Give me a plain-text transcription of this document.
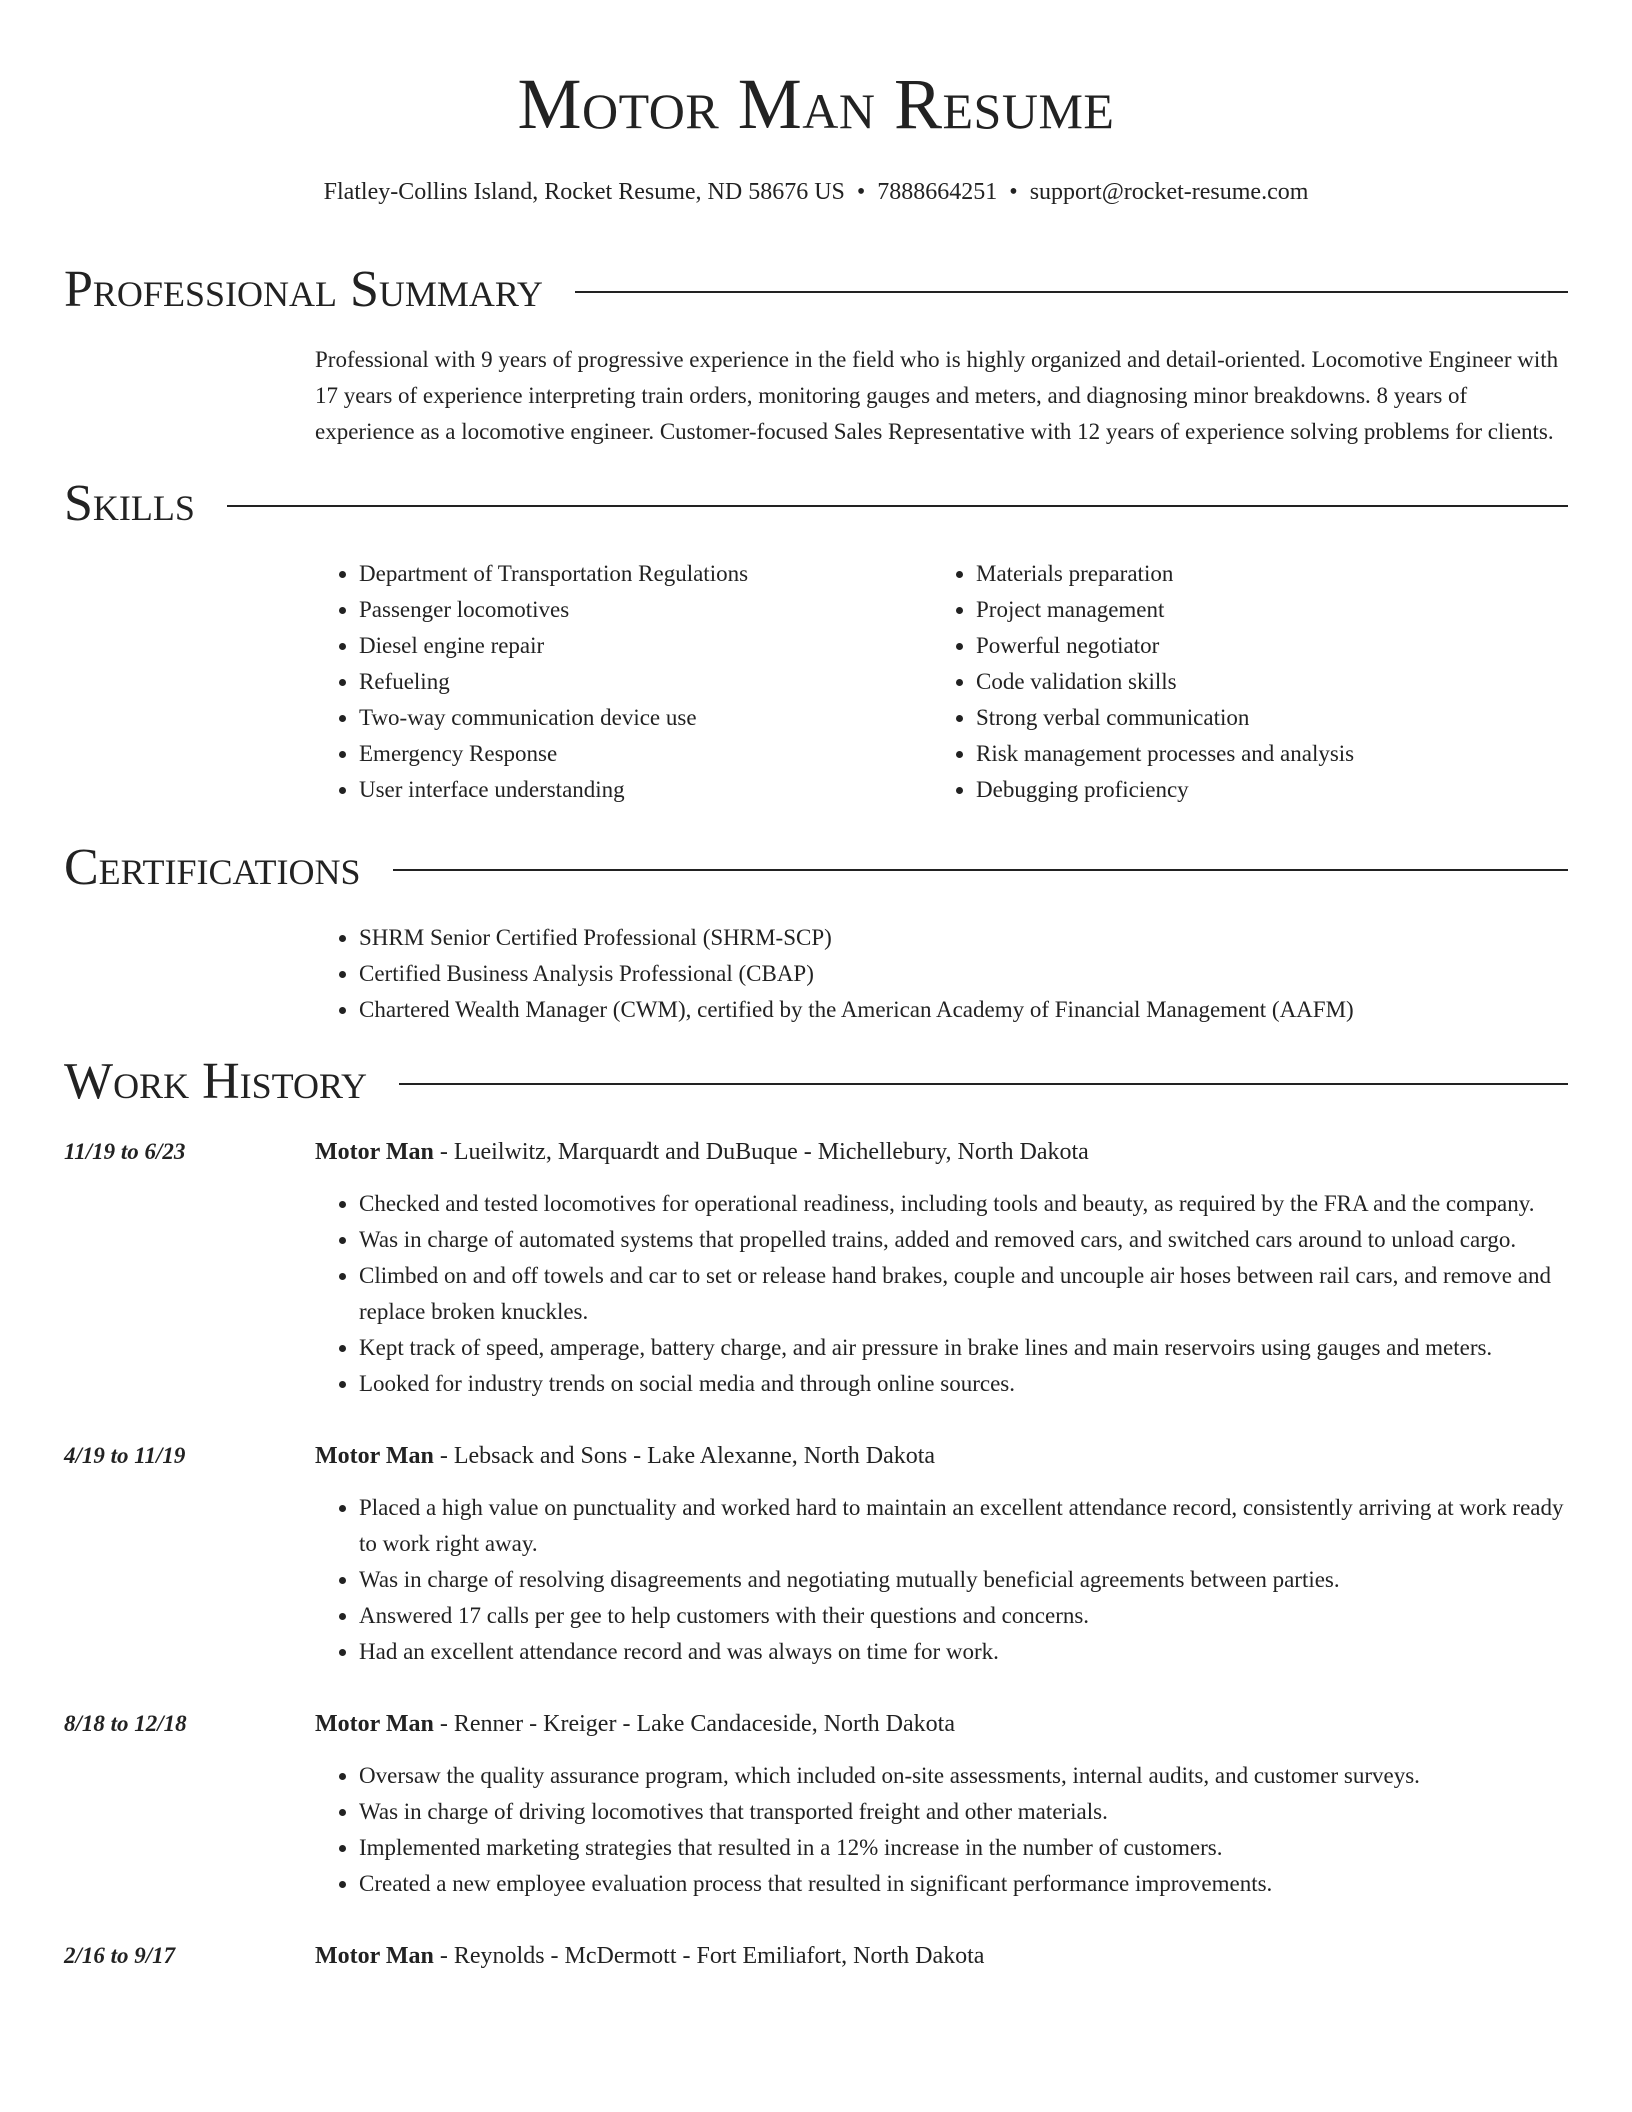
Motor Man Resume
Flatley-Collins Island, Rocket Resume, ND 58676 US • 7888664251 • support@rocket-resume.com
Professional Summary
Professional with 9 years of progressive experience in the field who is highly organized and detail-oriented. Locomotive Engineer with 17 years of experience interpreting train orders, monitoring gauges and meters, and diagnosing minor breakdowns. 8 years of experience as a locomotive engineer. Customer-focused Sales Representative with 12 years of experience solving problems for clients.
Skills
• Department of Transportation Regulations
• Passenger locomotives
• Diesel engine repair
• Refueling
• Two-way communication device use
• Emergency Response
• User interface understanding
• Materials preparation
• Project management
• Powerful negotiator
• Code validation skills
• Strong verbal communication
• Risk management processes and analysis
• Debugging proficiency
Certifications
• SHRM Senior Certified Professional (SHRM-SCP)
• Certified Business Analysis Professional (CBAP)
• Chartered Wealth Manager (CWM), certified by the American Academy of Financial Management (AAFM)
Work History
11/19 to 6/23	Motor Man - Lueilwitz, Marquardt and DuBuque - Michellebury, North Dakota
• Checked and tested locomotives for operational readiness, including tools and beauty, as required by the FRA and the company.
• Was in charge of automated systems that propelled trains, added and removed cars, and switched cars around to unload cargo.
• Climbed on and off towels and car to set or release hand brakes, couple and uncouple air hoses between rail cars, and remove and replace broken knuckles.
• Kept track of speed, amperage, battery charge, and air pressure in brake lines and main reservoirs using gauges and meters.
• Looked for industry trends on social media and through online sources.
4/19 to 11/19	Motor Man - Lebsack and Sons - Lake Alexanne, North Dakota
• Placed a high value on punctuality and worked hard to maintain an excellent attendance record, consistently arriving at work ready to work right away.
• Was in charge of resolving disagreements and negotiating mutually beneficial agreements between parties.
• Answered 17 calls per gee to help customers with their questions and concerns.
• Had an excellent attendance record and was always on time for work.
8/18 to 12/18	Motor Man - Renner - Kreiger - Lake Candaceside, North Dakota
• Oversaw the quality assurance program, which included on-site assessments, internal audits, and customer surveys.
• Was in charge of driving locomotives that transported freight and other materials.
• Implemented marketing strategies that resulted in a 12% increase in the number of customers.
• Created a new employee evaluation process that resulted in significant performance improvements.
2/16 to 9/17	Motor Man - Reynolds - McDermott - Fort Emiliafort, North Dakota
